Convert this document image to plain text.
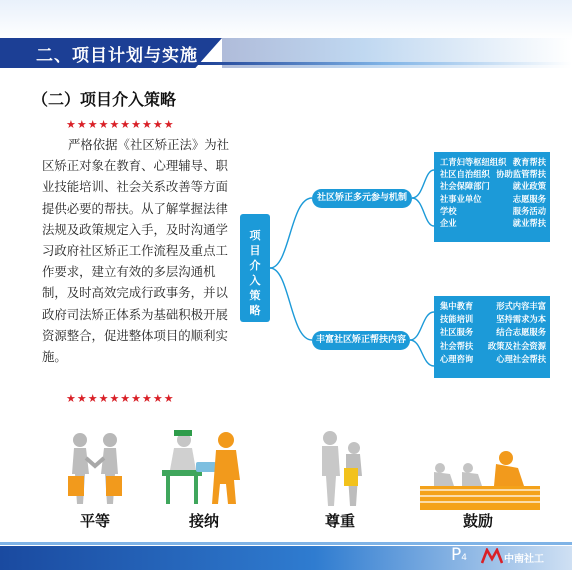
二、项目计划与实施
（二）项目介入策略
★★★★★★★★★★
严格依据《社区矫正法》为社
区矫正对象在教育、心理辅导、职
业技能培训、社会关系改善等方面
提供必要的帮扶。从了解掌握法律
法规及政策规定入手，及时沟通学
习政府社区矫正工作流程及重点工
作要求，建立有效的多层沟通机
制，及时高效完成行政事务，并以
政府司法矫正体系为基础积极开展
资源整合，促进整体项目的顺利实
施。
★★★★★★★★★★
项
目
介
入
策
略
社区矫正多元参与机制
丰富社区矫正帮扶内容
工青妇等枢纽组织 教育帮扶
社区自治组织 协助监管帮扶
社会保障部门	就业政策
社事业单位	志愿服务
学校	服务活动
企业	就业帮扶
集中教育	形式内容丰富
技能培训	坚持需求为本
社区服务	结合志愿服务
社会帮扶 政策及社会资源
心理咨询	心理社会帮扶
平等	接纳	尊重	鼓励
P4	中南社工
